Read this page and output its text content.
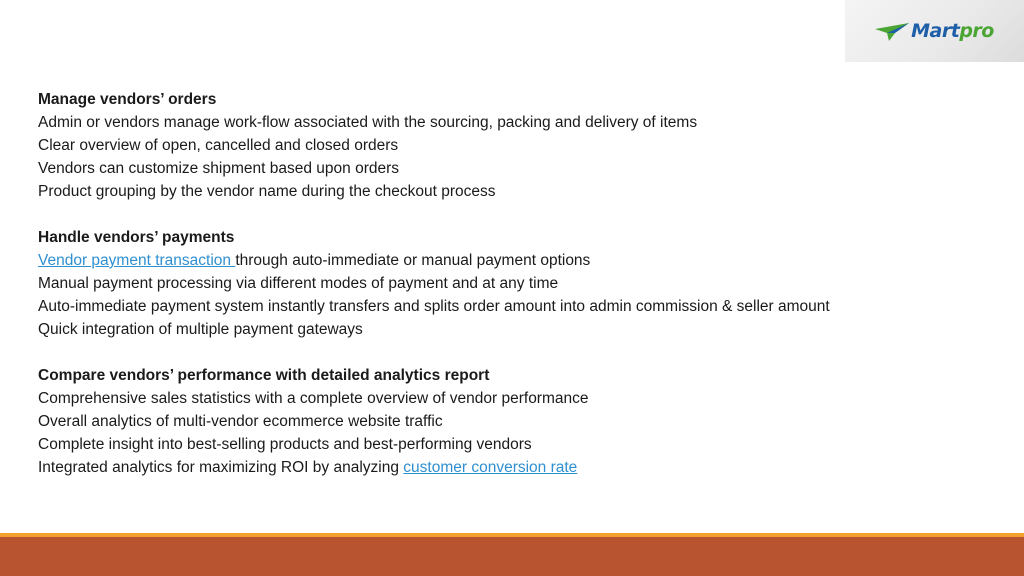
Martpro
Manage vendors’ orders
Admin or vendors manage work-flow associated with the sourcing, packing and delivery of items
Clear overview of open, cancelled and closed orders
Vendors can customize shipment based upon orders
Product grouping by the vendor name during the checkout process
Handle vendors’ payments
Vendor payment transaction through auto-immediate or manual payment options
Manual payment processing via different modes of payment and at any time
Auto-immediate payment system instantly transfers and splits order amount into admin commission & seller amount
Quick integration of multiple payment gateways
Compare vendors’ performance with detailed analytics report
Comprehensive sales statistics with a complete overview of vendor performance
Overall analytics of multi-vendor ecommerce website traffic
Complete insight into best-selling products and best-performing vendors
Integrated analytics for maximizing ROI by analyzing customer conversion rate
